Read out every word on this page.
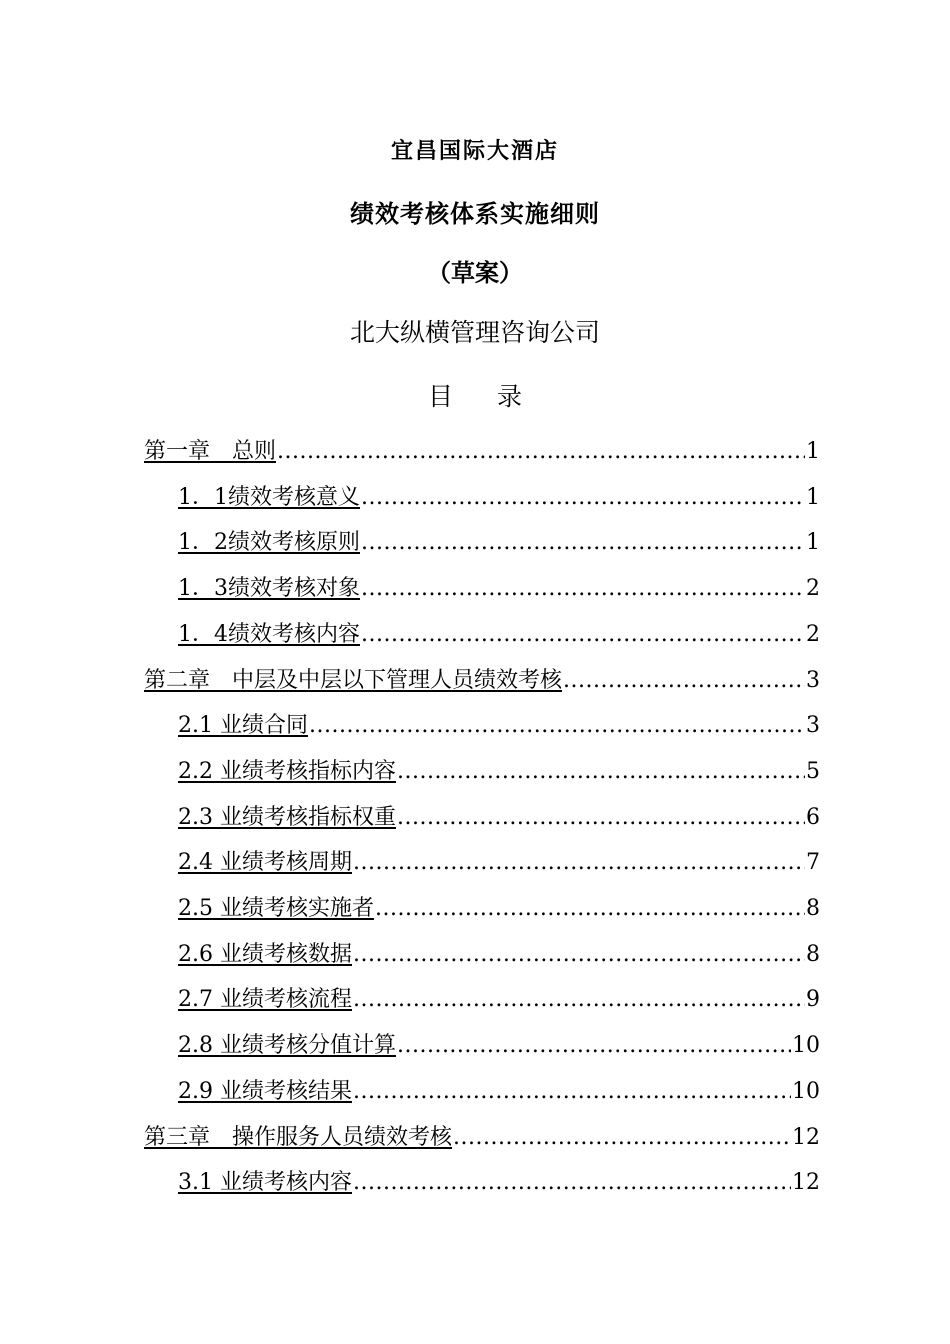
宜昌国际大酒店
绩效考核体系实施细则
（草案）
北大纵横管理咨询公司
目录
第一章　总则 .....	1
1．1绩效考核意义 .....	1
1．2绩效考核原则 .....	1
1．3绩效考核对象 .....	2
1．4绩效考核内容 .....	2
第二章　中层及中层以下管理人员绩效考核 .....	3
2.1 业绩合同 .....	3
2.2 业绩考核指标内容 .....	5
2.3 业绩考核指标权重 .....	6
2.4 业绩考核周期 .....	7
2.5 业绩考核实施者 .....	8
2.6 业绩考核数据 .....	8
2.7 业绩考核流程 .....	9
2.8 业绩考核分值计算 .....	10
2.9 业绩考核结果 .....	10
第三章　操作服务人员绩效考核 .....	12
3.1 业绩考核内容 .....	12
